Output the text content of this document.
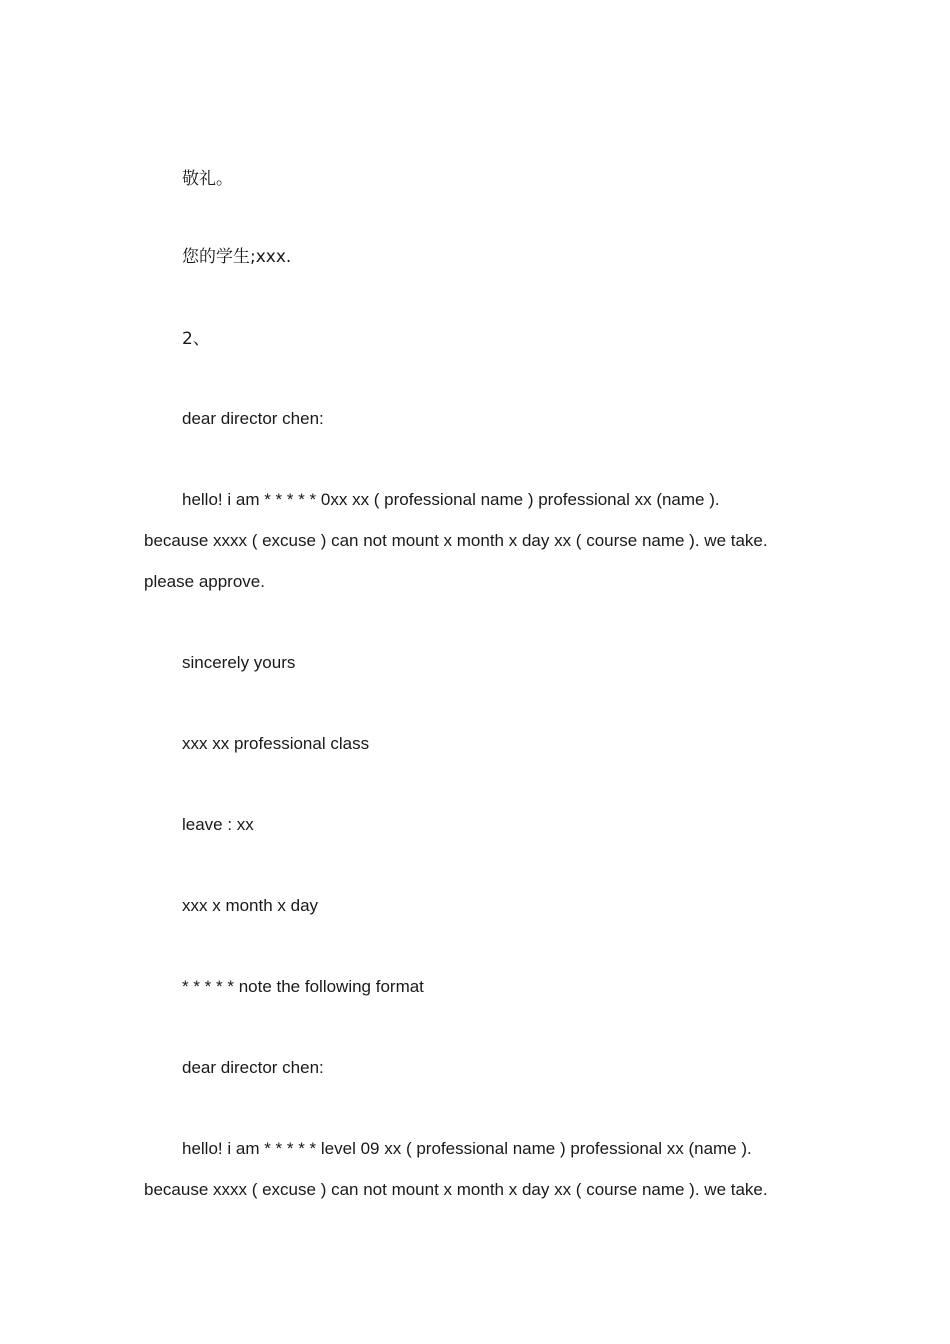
敬礼。

您的学生;xxx.

2、

dear director chen:

hello! i am * * * * * 0xx xx ( professional name ) professional xx (name ).

because xxxx ( excuse ) can not mount x month x day xx ( course name ). we take.

please approve.

sincerely yours

xxx xx professional class

leave : xx

xxx x month x day

* * * * * note the following format

dear director chen:

hello! i am * * * * * level 09 xx ( professional name ) professional xx (name ).

because xxxx ( excuse ) can not mount x month x day xx ( course name ). we take.
